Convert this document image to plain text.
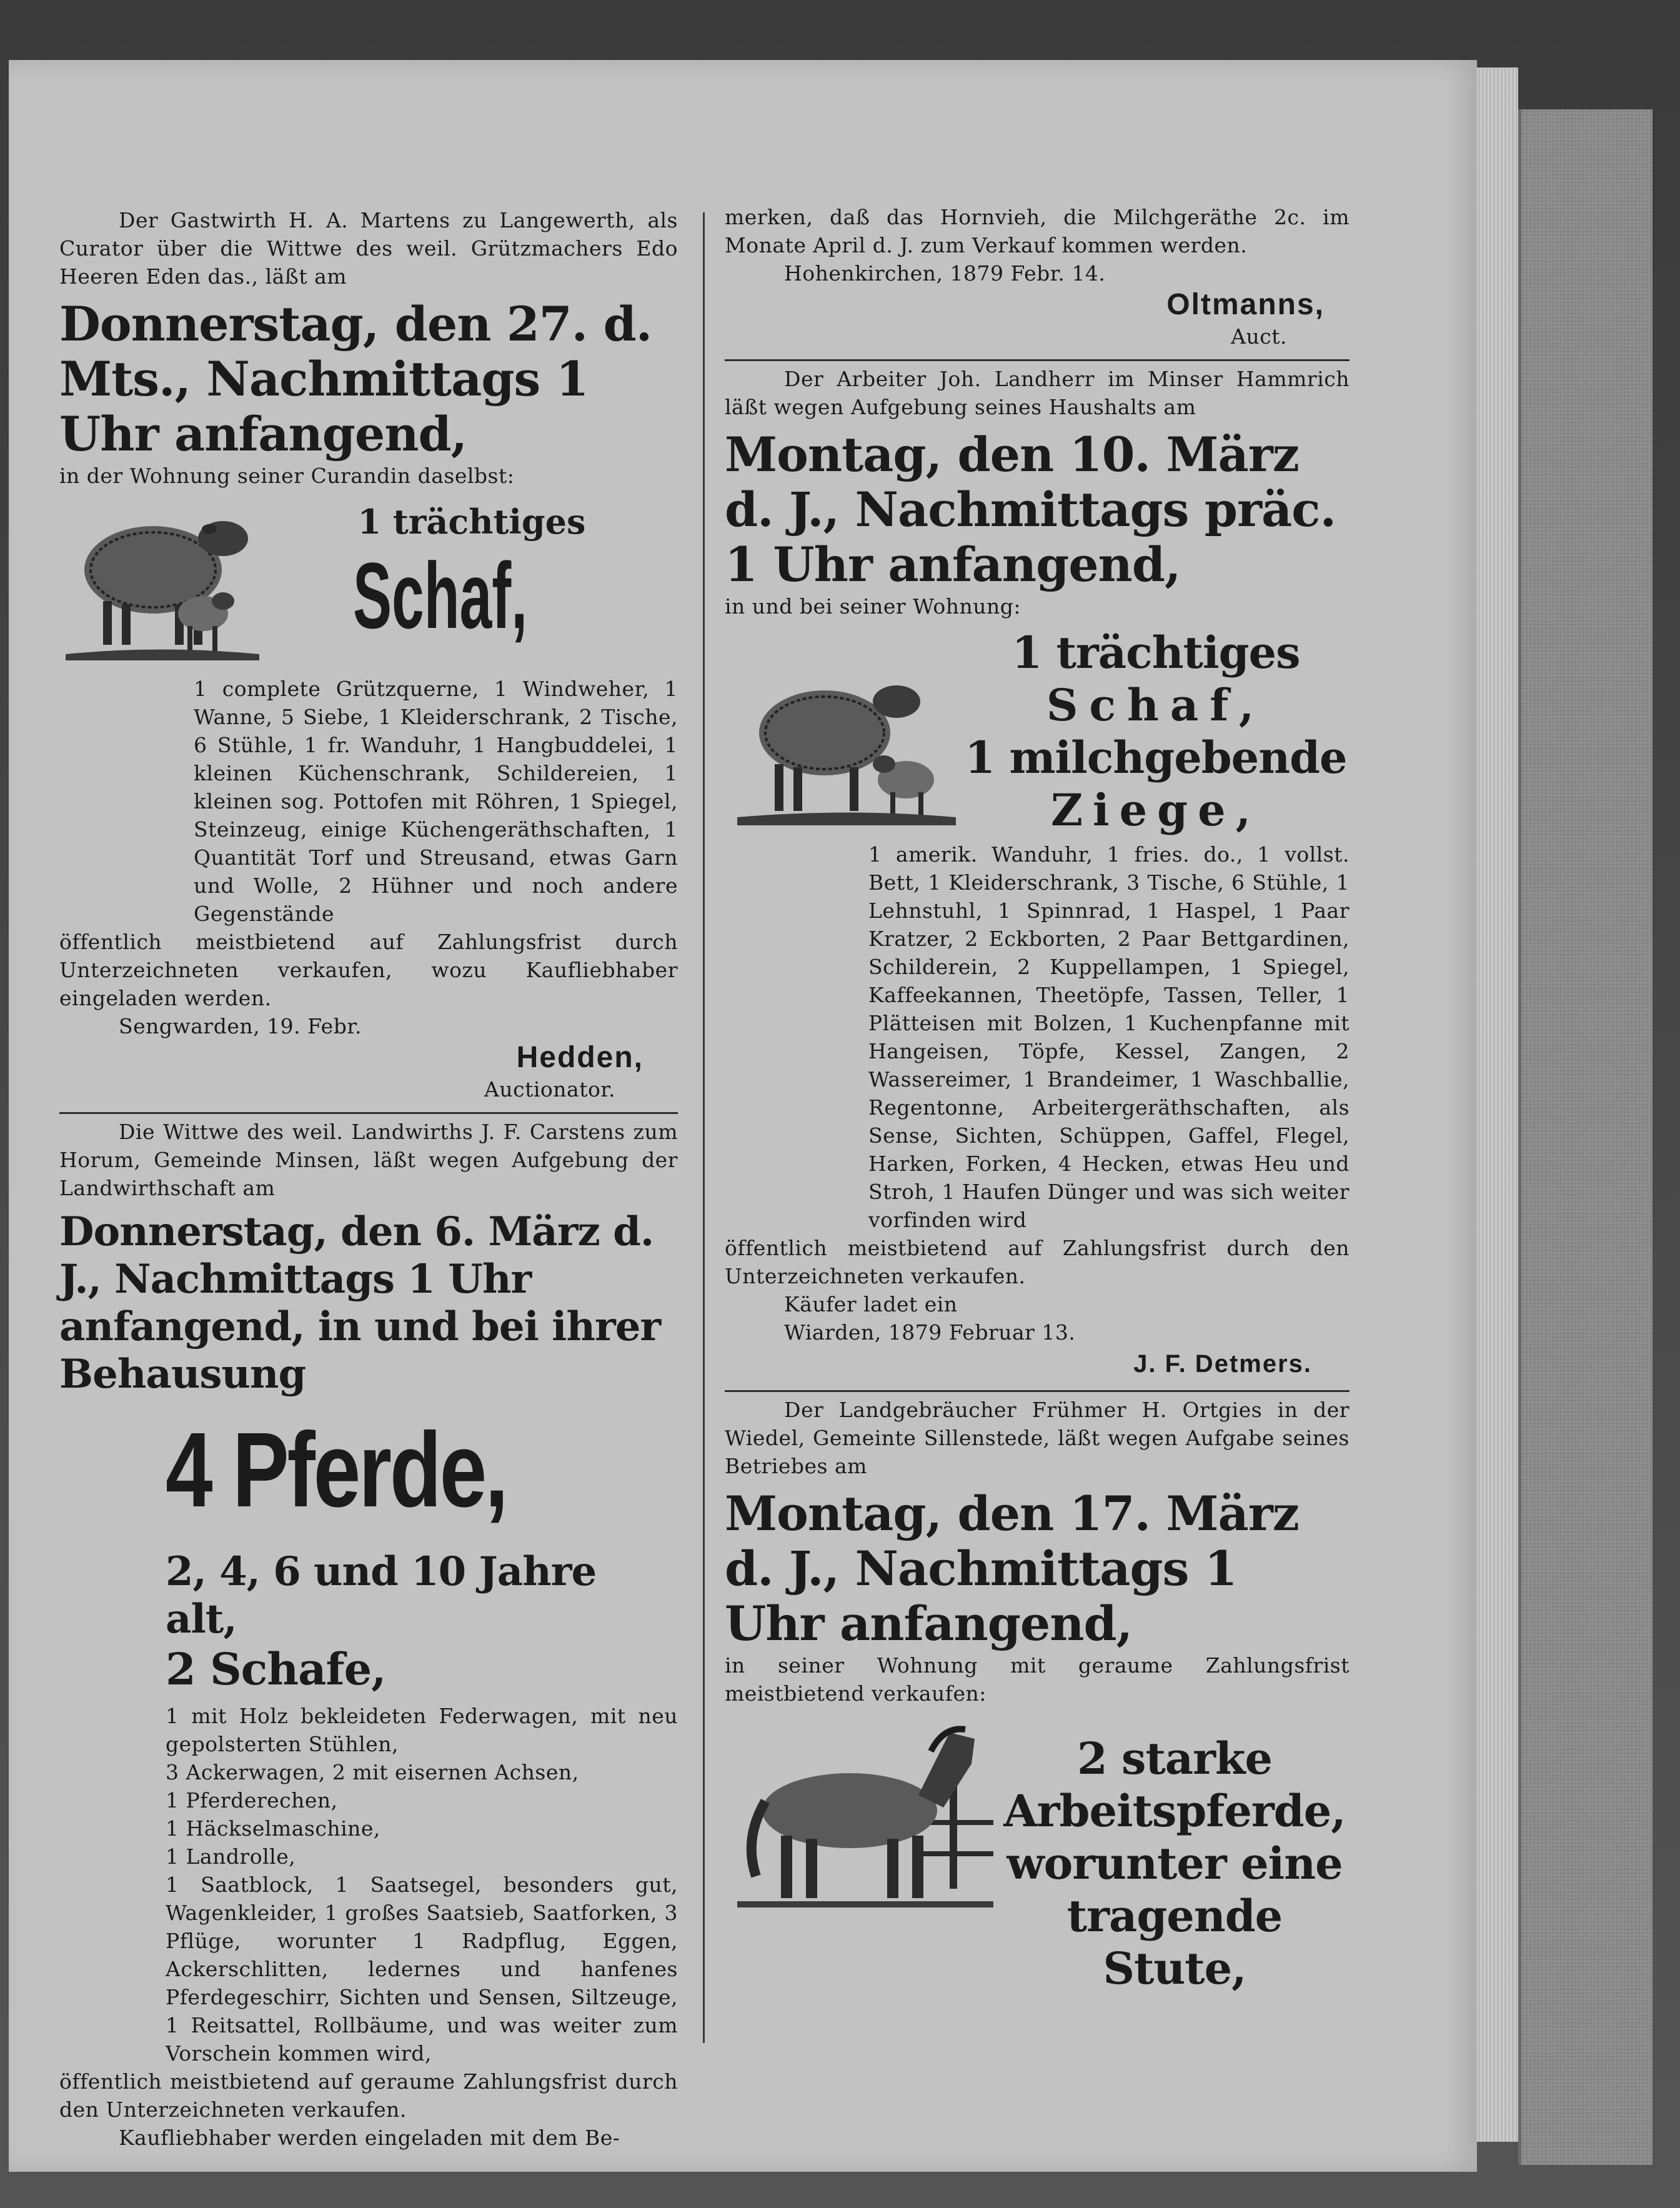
Der Gastwirth H. A. Martens zu Langewerth, als Curator über die Wittwe des weil. Grützmachers Edo Heeren Eden das., läßt am

Donnerstag, den 27. d. Mts., Nachmittags 1 Uhr anfangend,

in der Wohnung seiner Curandin daselbst:

1 trächtiges

Schaf,

1 complete Grützquerne, 1 Windweher, 1 Wanne, 5 Siebe, 1 Kleiderschrank, 2 Tische, 6 Stühle, 1 fr. Wanduhr, 1 Hangbuddelei, 1 kleinen Küchenschrank, Schildereien, 1 kleinen sog. Pottofen mit Röhren, 1 Spiegel, Steinzeug, einige Küchengeräthschaften, 1 Quantität Torf und Streusand, etwas Garn und Wolle, 2 Hühner und noch andere Gegenstände

öffentlich meistbietend auf Zahlungsfrist durch Unterzeichneten verkaufen, wozu Kaufliebhaber eingeladen werden.

Sengwarden, 19. Febr.

Hedden,

Auctionator.

Die Wittwe des weil. Landwirths J. F. Carstens zum Horum, Gemeinde Minsen, läßt wegen Aufgebung der Landwirthschaft am

Donnerstag, den 6. März d. J., Nachmittags 1 Uhr anfangend, in und bei ihrer Behausung

4 Pferde,

2, 4, 6 und 10 Jahre alt,

2 Schafe,

1 mit Holz bekleideten Federwagen, mit neu gepolsterten Stühlen,

3 Ackerwagen, 2 mit eisernen Achsen,

1 Pferderechen,

1 Häckselmaschine,

1 Landrolle,

1 Saatblock, 1 Saatsegel, besonders gut, Wagenkleider, 1 großes Saatsieb, Saatforken, 3 Pflüge, worunter 1 Radpflug, Eggen, Ackerschlitten, ledernes und hanfenes Pferdegeschirr, Sichten und Sensen, Siltzeuge, 1 Reitsattel, Rollbäume, und was weiter zum Vorschein kommen wird,

öffentlich meistbietend auf geraume Zahlungsfrist durch den Unterzeichneten verkaufen.

Kaufliebhaber werden eingeladen mit dem Be-

merken, daß das Hornvieh, die Milchgeräthe 2c. im Monate April d. J. zum Verkauf kommen werden.

Hohenkirchen, 1879 Febr. 14.

Oltmanns,

Auct.

Der Arbeiter Joh. Landherr im Minser Hammrich läßt wegen Aufgebung seines Haushalts am

Montag, den 10. März d. J., Nachmittags präc. 1 Uhr anfangend,

in und bei seiner Wohnung:

1 trächtiges

Schaf,

1 milchgebende

Ziege,

1 amerik. Wanduhr, 1 fries. do., 1 vollst. Bett, 1 Kleiderschrank, 3 Tische, 6 Stühle, 1 Lehnstuhl, 1 Spinnrad, 1 Haspel, 1 Paar Kratzer, 2 Eckborten, 2 Paar Bettgardinen, Schilderein, 2 Kuppellampen, 1 Spiegel, Kaffeekannen, Theetöpfe, Tassen, Teller, 1 Plätteisen mit Bolzen, 1 Kuchenpfanne mit Hangeisen, Töpfe, Kessel, Zangen, 2 Wassereimer, 1 Brandeimer, 1 Waschballie, Regentonne, Arbeitergeräthschaften, als Sense, Sichten, Schüppen, Gaffel, Flegel, Harken, Forken, 4 Hecken, etwas Heu und Stroh, 1 Haufen Dünger und was sich weiter vorfinden wird

öffentlich meistbietend auf Zahlungsfrist durch den Unterzeichneten verkaufen.

Käufer ladet ein

Wiarden, 1879 Februar 13.

J. F. Detmers.

Der Landgebräucher Frühmer H. Ortgies in der Wiedel, Gemeinte Sillenstede, läßt wegen Aufgabe seines Betriebes am

Montag, den 17. März d. J., Nachmittags 1 Uhr anfangend,

in seiner Wohnung mit geraume Zahlungsfrist meistbietend verkaufen:

2 starke

Arbeitspferde,

worunter eine

tragende Stute,
